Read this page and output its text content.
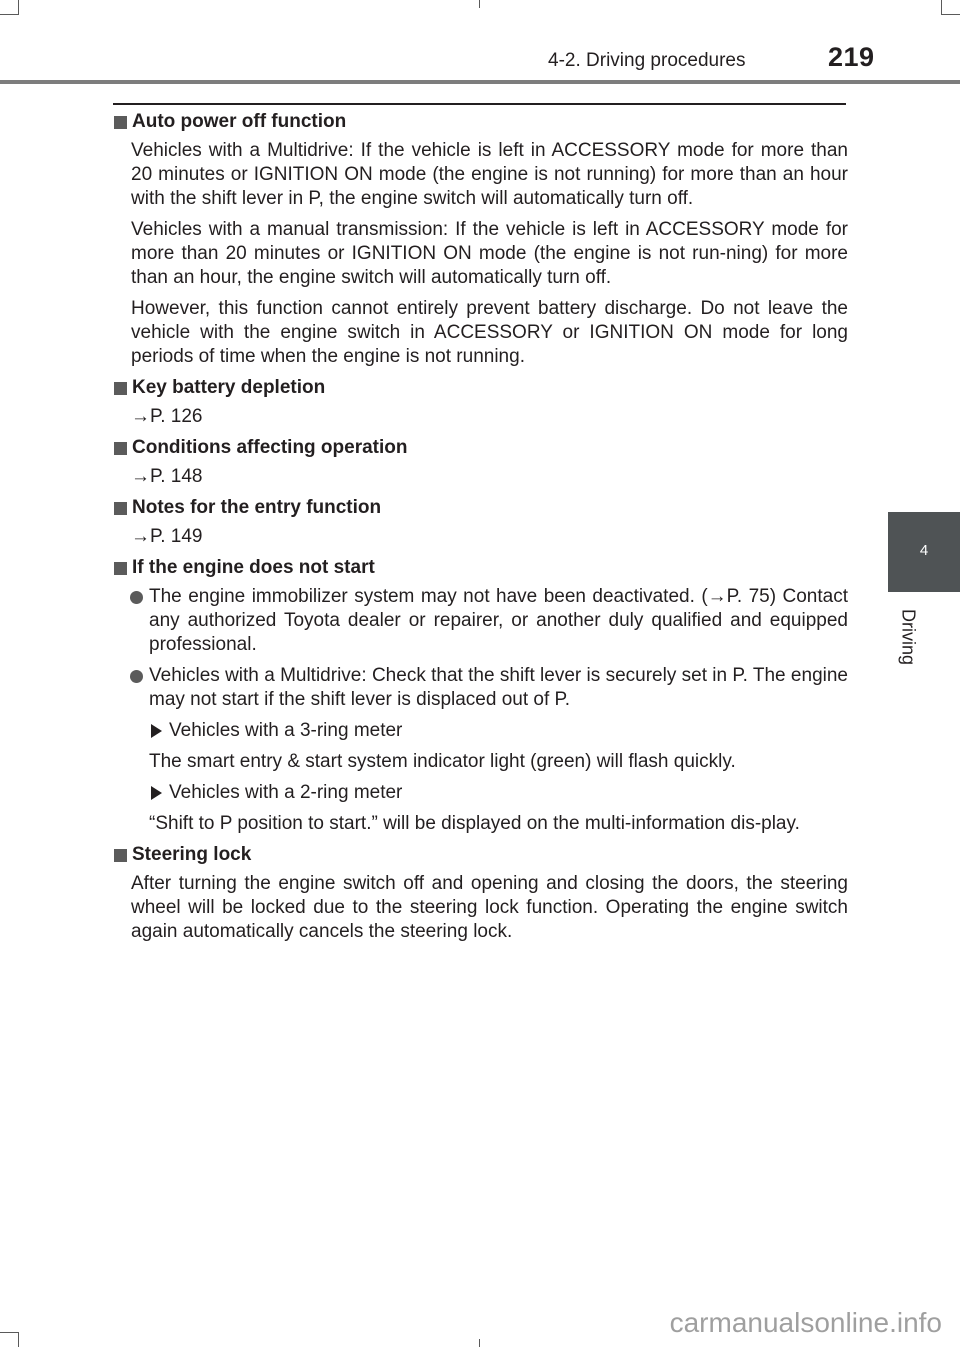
4-2. Driving procedures	219
4
Driving
Auto power off function

Vehicles with a Multidrive: If the vehicle is left in ACCESSORY mode for more than 20 minutes or IGNITION ON mode (the engine is not running) for more than an hour with the shift lever in P, the engine switch will automatically turn off.

Vehicles with a manual transmission: If the vehicle is left in ACCESSORY mode for more than 20 minutes or IGNITION ON mode (the engine is not run-ning) for more than an hour, the engine switch will automatically turn off.

However, this function cannot entirely prevent battery discharge. Do not leave the vehicle with the engine switch in ACCESSORY or IGNITION ON mode for long periods of time when the engine is not running.

Key battery depletion

→P. 126

Conditions affecting operation

→P. 148

Notes for the entry function

→P. 149

If the engine does not start
The engine immobilizer system may not have been deactivated. (→P. 75) Contact any authorized Toyota dealer or repairer, or another duly qualified and equipped professional.
Vehicles with a Multidrive: Check that the shift lever is securely set in P. The engine may not start if the shift lever is displaced out of P.
Vehicles with a 3-ring meter

The smart entry & start system indicator light (green) will flash quickly.

Vehicles with a 2-ring meter

“Shift to P position to start.” will be displayed on the multi-information dis-play.

Steering lock

After turning the engine switch off and opening and closing the doors, the steering wheel will be locked due to the steering lock function. Operating the engine switch again automatically cancels the steering lock.

carmanualsonline.info
